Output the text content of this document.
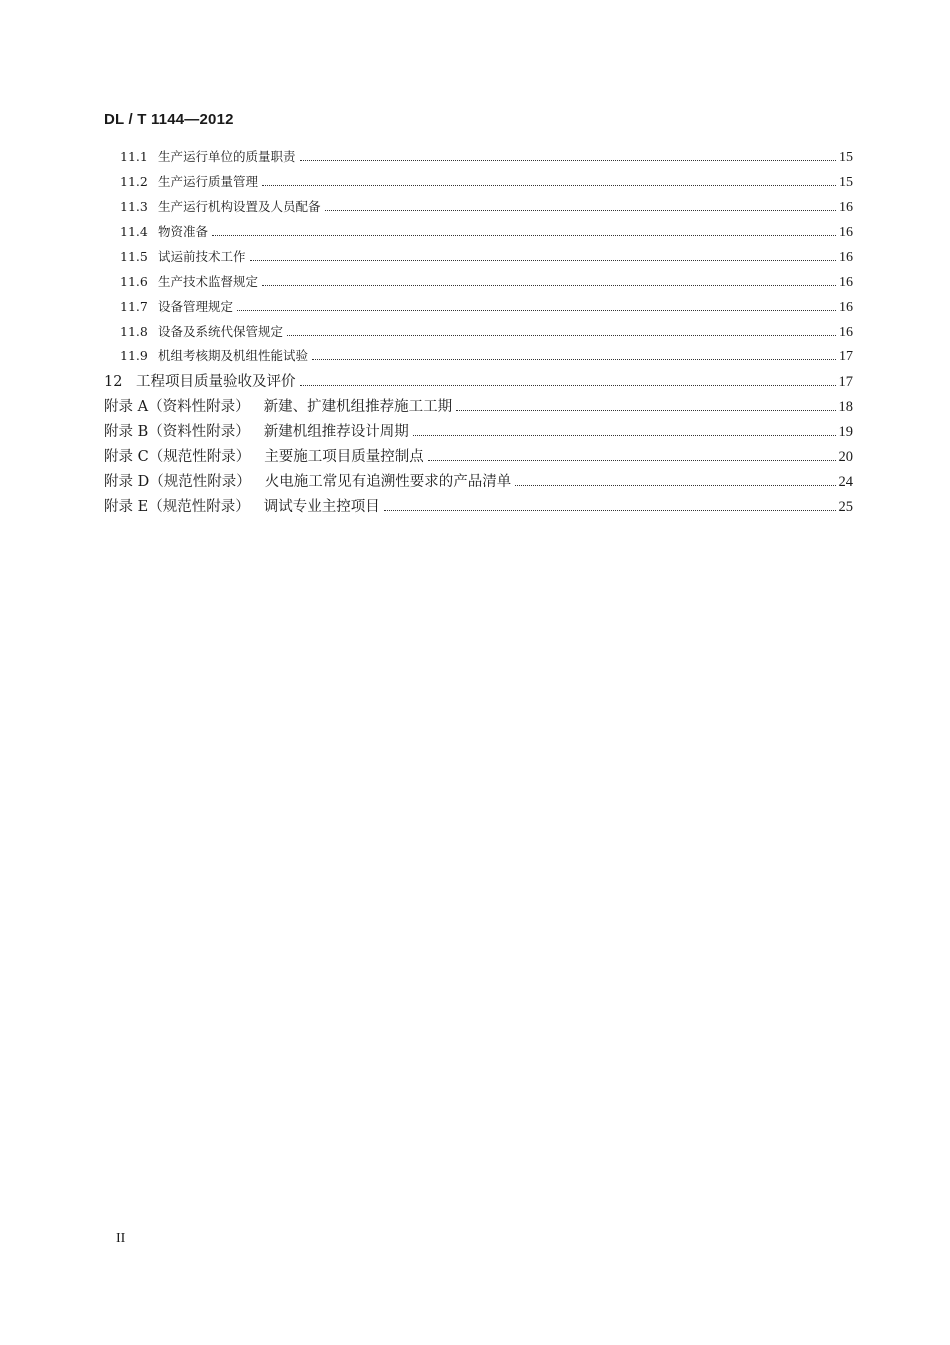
DL / T 1144—2012
11.1 生产运行单位的质量职责	15
11.2 生产运行质量管理	15
11.3 生产运行机构设置及人员配备	16
11.4 物资准备	16
11.5 试运前技术工作	16
11.6 生产技术监督规定	16
11.7 设备管理规定	16
11.8 设备及系统代保管规定	16
11.9 机组考核期及机组性能试验	17
12 工程项目质量验收及评价	17
附录 A（资料性附录） 新建、扩建机组推荐施工工期	18
附录 B（资料性附录） 新建机组推荐设计周期	19
附录 C（规范性附录） 主要施工项目质量控制点	20
附录 D（规范性附录） 火电施工常见有追溯性要求的产品清单	24
附录 E（规范性附录） 调试专业主控项目	25
II
